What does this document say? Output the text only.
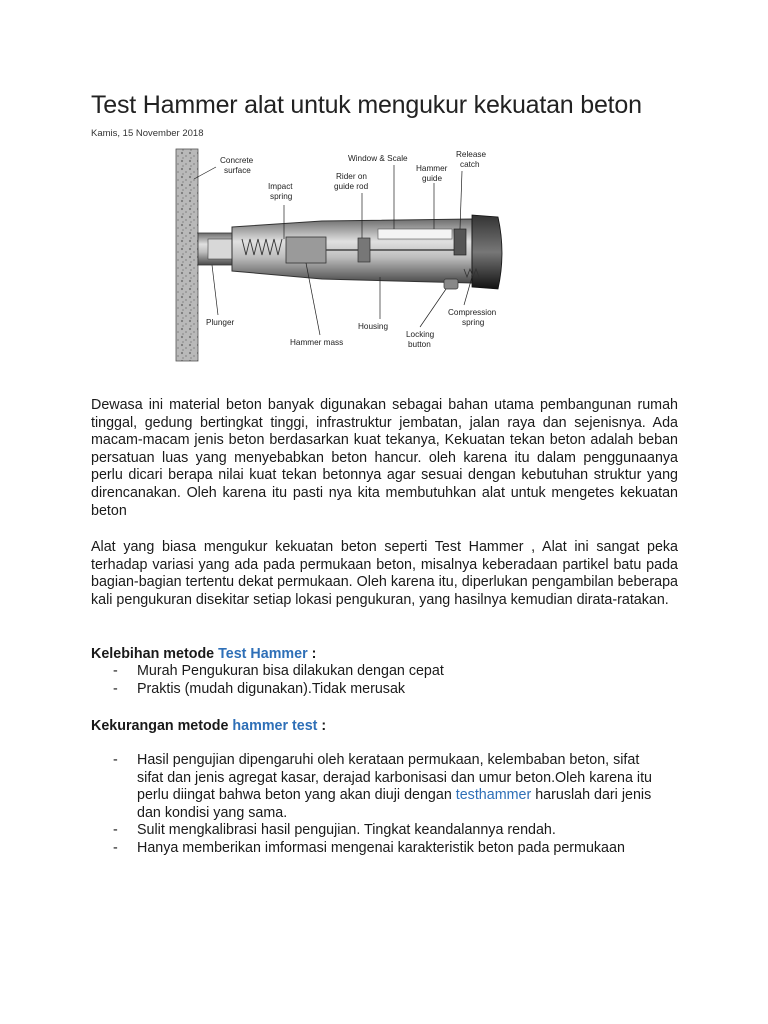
Test Hammer alat untuk mengukur kekuatan beton
Kamis, 15 November 2018
Concrete
surface
Impact
spring
Rider on
guide rod
Window & Scale
Hammer
guide
Release
catch
Plunger
Hammer mass
Housing
Locking
button
Compression
spring

Dewasa ini material beton banyak digunakan sebagai bahan utama pembangunan rumah tinggal, gedung bertingkat tinggi, infrastruktur jembatan, jalan raya dan sejenisnya. Ada macam-macam jenis beton berdasarkan kuat tekanya, Kekuatan tekan beton adalah beban persatuan luas yang menyebabkan beton hancur. oleh karena itu dalam penggunaanya perlu dicari berapa nilai kuat tekan betonnya agar sesuai dengan kebutuhan struktur yang direncanakan. Oleh karena itu pasti nya kita membutuhkan alat untuk mengetes kekuatan beton

Alat yang biasa mengukur kekuatan beton seperti Test Hammer , Alat ini sangat peka terhadap variasi yang ada pada permukaan beton, misalnya keberadaan partikel batu pada bagian-bagian tertentu dekat permukaan. Oleh karena itu, diperlukan pengambilan beberapa kali pengukuran disekitar setiap lokasi pengukuran, yang hasilnya kemudian dirata-ratakan.

Kelebihan metode Test Hammer :
- Murah Pengukuran bisa dilakukan dengan cepat
- Praktis (mudah digunakan).Tidak merusak
Kekurangan metode hammer test :
- Hasil pengujian dipengaruhi oleh kerataan permukaan, kelembaban beton, sifat sifat dan jenis agregat kasar, derajad karbonisasi dan umur beton.Oleh karena itu perlu diingat bahwa beton yang akan diuji dengan testhammer haruslah dari jenis dan kondisi yang sama.
- Sulit mengkalibrasi hasil pengujian. Tingkat keandalannya rendah.
- Hanya memberikan imformasi mengenai karakteristik beton pada permukaan
